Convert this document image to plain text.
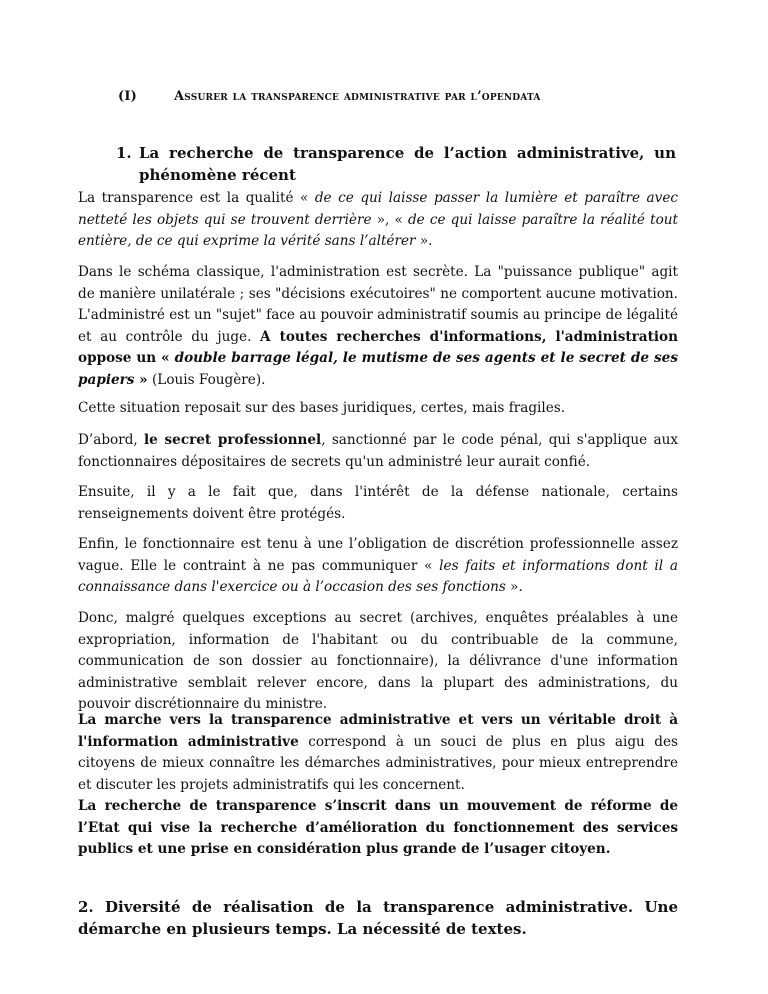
(I)	Assurer la transparence administrative par l’opendata
1. La recherche de transparence de l’action administrative, un phénomène récent

La transparence est la qualité « de ce qui laisse passer la lumière et paraître avec netteté les objets qui se trouvent derrière », « de ce qui laisse paraître la réalité tout entière, de ce qui exprime la vérité sans l’altérer ».

Dans le schéma classique, l'administration est secrète. La "puissance publique" agit de manière unilatérale ; ses "décisions exécutoires" ne comportent aucune motivation. L'administré est un "sujet" face au pouvoir administratif soumis au principe de légalité et au contrôle du juge. A toutes recherches d'informations, l'administration oppose un « double barrage légal, le mutisme de ses agents et le secret de ses papiers » (Louis Fougère).

Cette situation reposait sur des bases juridiques, certes, mais fragiles.

D’abord, le secret professionnel, sanctionné par le code pénal, qui s'applique aux fonctionnaires dépositaires de secrets qu'un administré leur aurait confié.

Ensuite, il y a le fait que, dans l'intérêt de la défense nationale, certains renseignements doivent être protégés.

Enfin, le fonctionnaire est tenu à une l’obligation de discrétion professionnelle assez vague. Elle le contraint à ne pas communiquer « les faits et informations dont il a connaissance dans l'exercice ou à l’occasion des ses fonctions ».

Donc, malgré quelques exceptions au secret (archives, enquêtes préalables à une expropriation, information de l'habitant ou du contribuable de la commune, communication de son dossier au fonctionnaire), la délivrance d'une information administrative semblait relever encore, dans la plupart des administrations, du pouvoir discrétionnaire du ministre.

La marche vers la transparence administrative et vers un véritable droit à l'information administrative correspond à un souci de plus en plus aigu des citoyens de mieux connaître les démarches administratives, pour mieux entreprendre et discuter les projets administratifs qui les concernent.

La recherche de transparence s’inscrit dans un mouvement de réforme de l’Etat qui vise la recherche d’amélioration du fonctionnement des services publics et une prise en considération plus grande de l’usager citoyen.

2. Diversité de réalisation de la transparence administrative. Une démarche en plusieurs temps. La nécessité de textes.
